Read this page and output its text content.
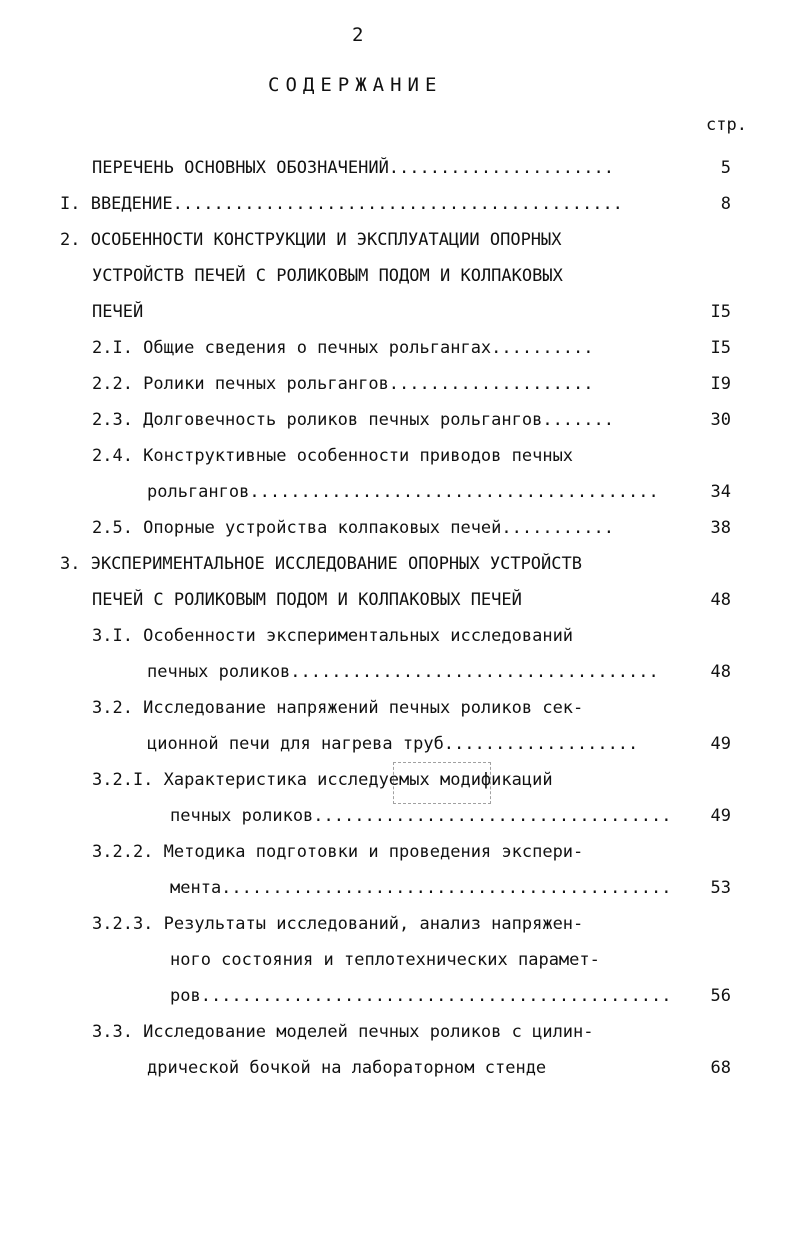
2
СОДЕРЖАНИЕ
стр.
ПЕРЕЧЕНЬ ОСНОВНЫХ ОБОЗНАЧЕНИЙ......................	5
I. ВВЕДЕНИЕ............................................	8
2. ОСОБЕННОСТИ КОНСТРУКЦИИ И ЭКСПЛУАТАЦИИ ОПОРНЫХ
УСТРОЙСТВ ПЕЧЕЙ С РОЛИКОВЫМ ПОДОМ И КОЛПАКОВЫХ
ПЕЧЕЙ	I5
2.I. Общие сведения о печных рольгангах..........	I5
2.2. Ролики печных рольгангов....................	I9
2.3. Долговечность роликов печных рольгангов.......	30
2.4. Конструктивные особенности приводов печных
рольгангов........................................	34
2.5. Опорные устройства колпаковых печей...........	38
3. ЭКСПЕРИМЕНТАЛЬНОЕ ИССЛЕДОВАНИЕ ОПОРНЫХ УСТРОЙСТВ
ПЕЧЕЙ С РОЛИКОВЫМ ПОДОМ И КОЛПАКОВЫХ ПЕЧЕЙ	48
3.I. Особенности экспериментальных исследований
печных роликов....................................	48
3.2. Исследование напряжений печных роликов сек-
ционной печи для нагрева труб...................	49
3.2.I. Характеристика исследуемых модификаций
печных роликов................................... 49
3.2.2. Методика подготовки и проведения экспери-
мента............................................ 53
3.2.3. Результаты исследований, анализ напряжен-
ного состояния и теплотехнических парамет-
ров.............................................. 56
3.3. Исследование моделей печных роликов с цилин-
дрической бочкой на лабораторном стенде	68
